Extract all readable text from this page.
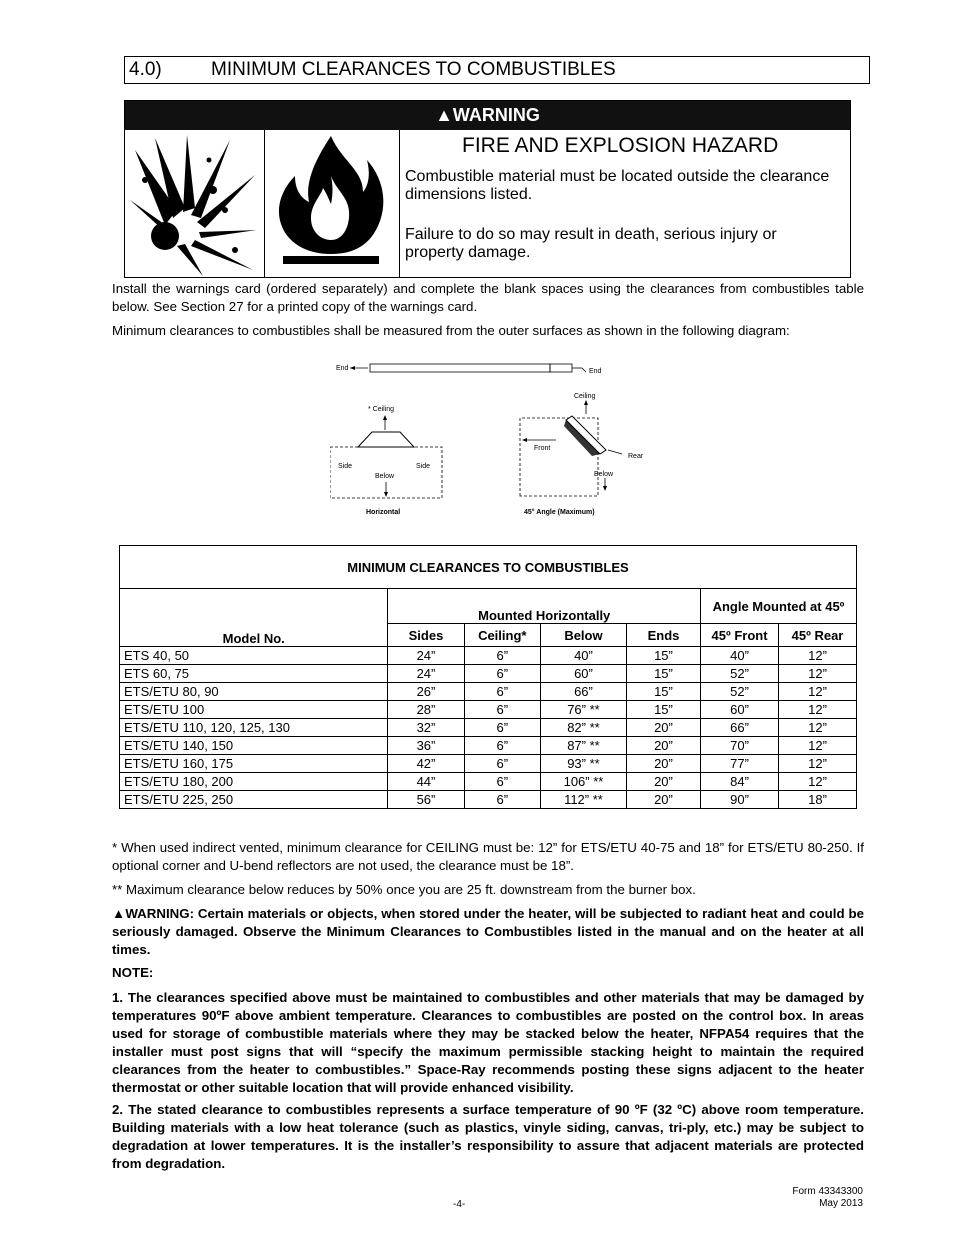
4.0)	MINIMUM CLEARANCES TO COMBUSTIBLES
▲WARNING
FIRE AND EXPLOSION HAZARD
Combustible material must be located outside the clearance dimensions listed.
Failure to do so may result in death, serious injury or property damage.
Install the warnings card (ordered separately) and complete the blank spaces using the clearances from combustibles table below. See Section 27 for a printed copy of the warnings card.
Minimum clearances to combustibles shall be measured from the outer surfaces as shown in the following diagram:
End	End
* Ceiling
Side	Side
Below
Horizontal
Ceiling
Front
Rear
Below
45° Angle (Maximum)
MINIMUM CLEARANCES TO COMBUSTIBLES						
Model No.	Mounted Horizontally				Angle Mounted at 45º	
	Sides	Ceiling*	Below	Ends	45º Front	45º Rear
ETS 40, 50	24”	6”	40”	15”	40”	12”
ETS 60, 75	24”	6”	60”	15”	52”	12”
ETS/ETU 80, 90	26”	6”	66”	15”	52”	12”
ETS/ETU 100	28”	6”	76” **	15”	60”	12”
ETS/ETU 110, 120, 125, 130	32”	6”	82” **	20”	66”	12”
ETS/ETU 140, 150	36”	6”	87” **	20”	70”	12”
ETS/ETU 160, 175	42”	6”	93” **	20”	77”	12”
ETS/ETU 180, 200	44”	6”	106” **	20”	84”	12”
ETS/ETU 225, 250	56”	6”	112” **	20”	90”	18”
* When used indirect vented, minimum clearance for CEILING must be: 12” for ETS/ETU 40-75 and 18” for ETS/ETU 80-250. If optional corner and U-bend reflectors are not used, the clearance must be 18”.
** Maximum clearance below reduces by 50% once you are 25 ft. downstream from the burner box.
▲WARNING: Certain materials or objects, when stored under the heater, will be subjected to radiant heat and could be seriously damaged. Observe the Minimum Clearances to Combustibles listed in the manual and on the heater at all times.
NOTE:
1. The clearances specified above must be maintained to combustibles and other materials that may be damaged by temperatures 90ºF above ambient temperature. Clearances to combustibles are posted on the control box. In areas used for storage of combustible materials where they may be stacked below the heater, NFPA54 requires that the installer must post signs that will “specify the maximum permissible stacking height to maintain the required clearances from the heater to combustibles.” Space-Ray recommends posting these signs adjacent to the heater thermostat or other suitable location that will provide enhanced visibility.
2. The stated clearance to combustibles represents a surface temperature of 90 ºF (32 ºC) above room temperature. Building materials with a low heat tolerance (such as plastics, vinyle siding, canvas, tri-ply, etc.) may be subject to degradation at lower temperatures. It is the installer’s responsibility to assure that adjacent materials are protected from degradation.
-4-
Form 43343300
May 2013
